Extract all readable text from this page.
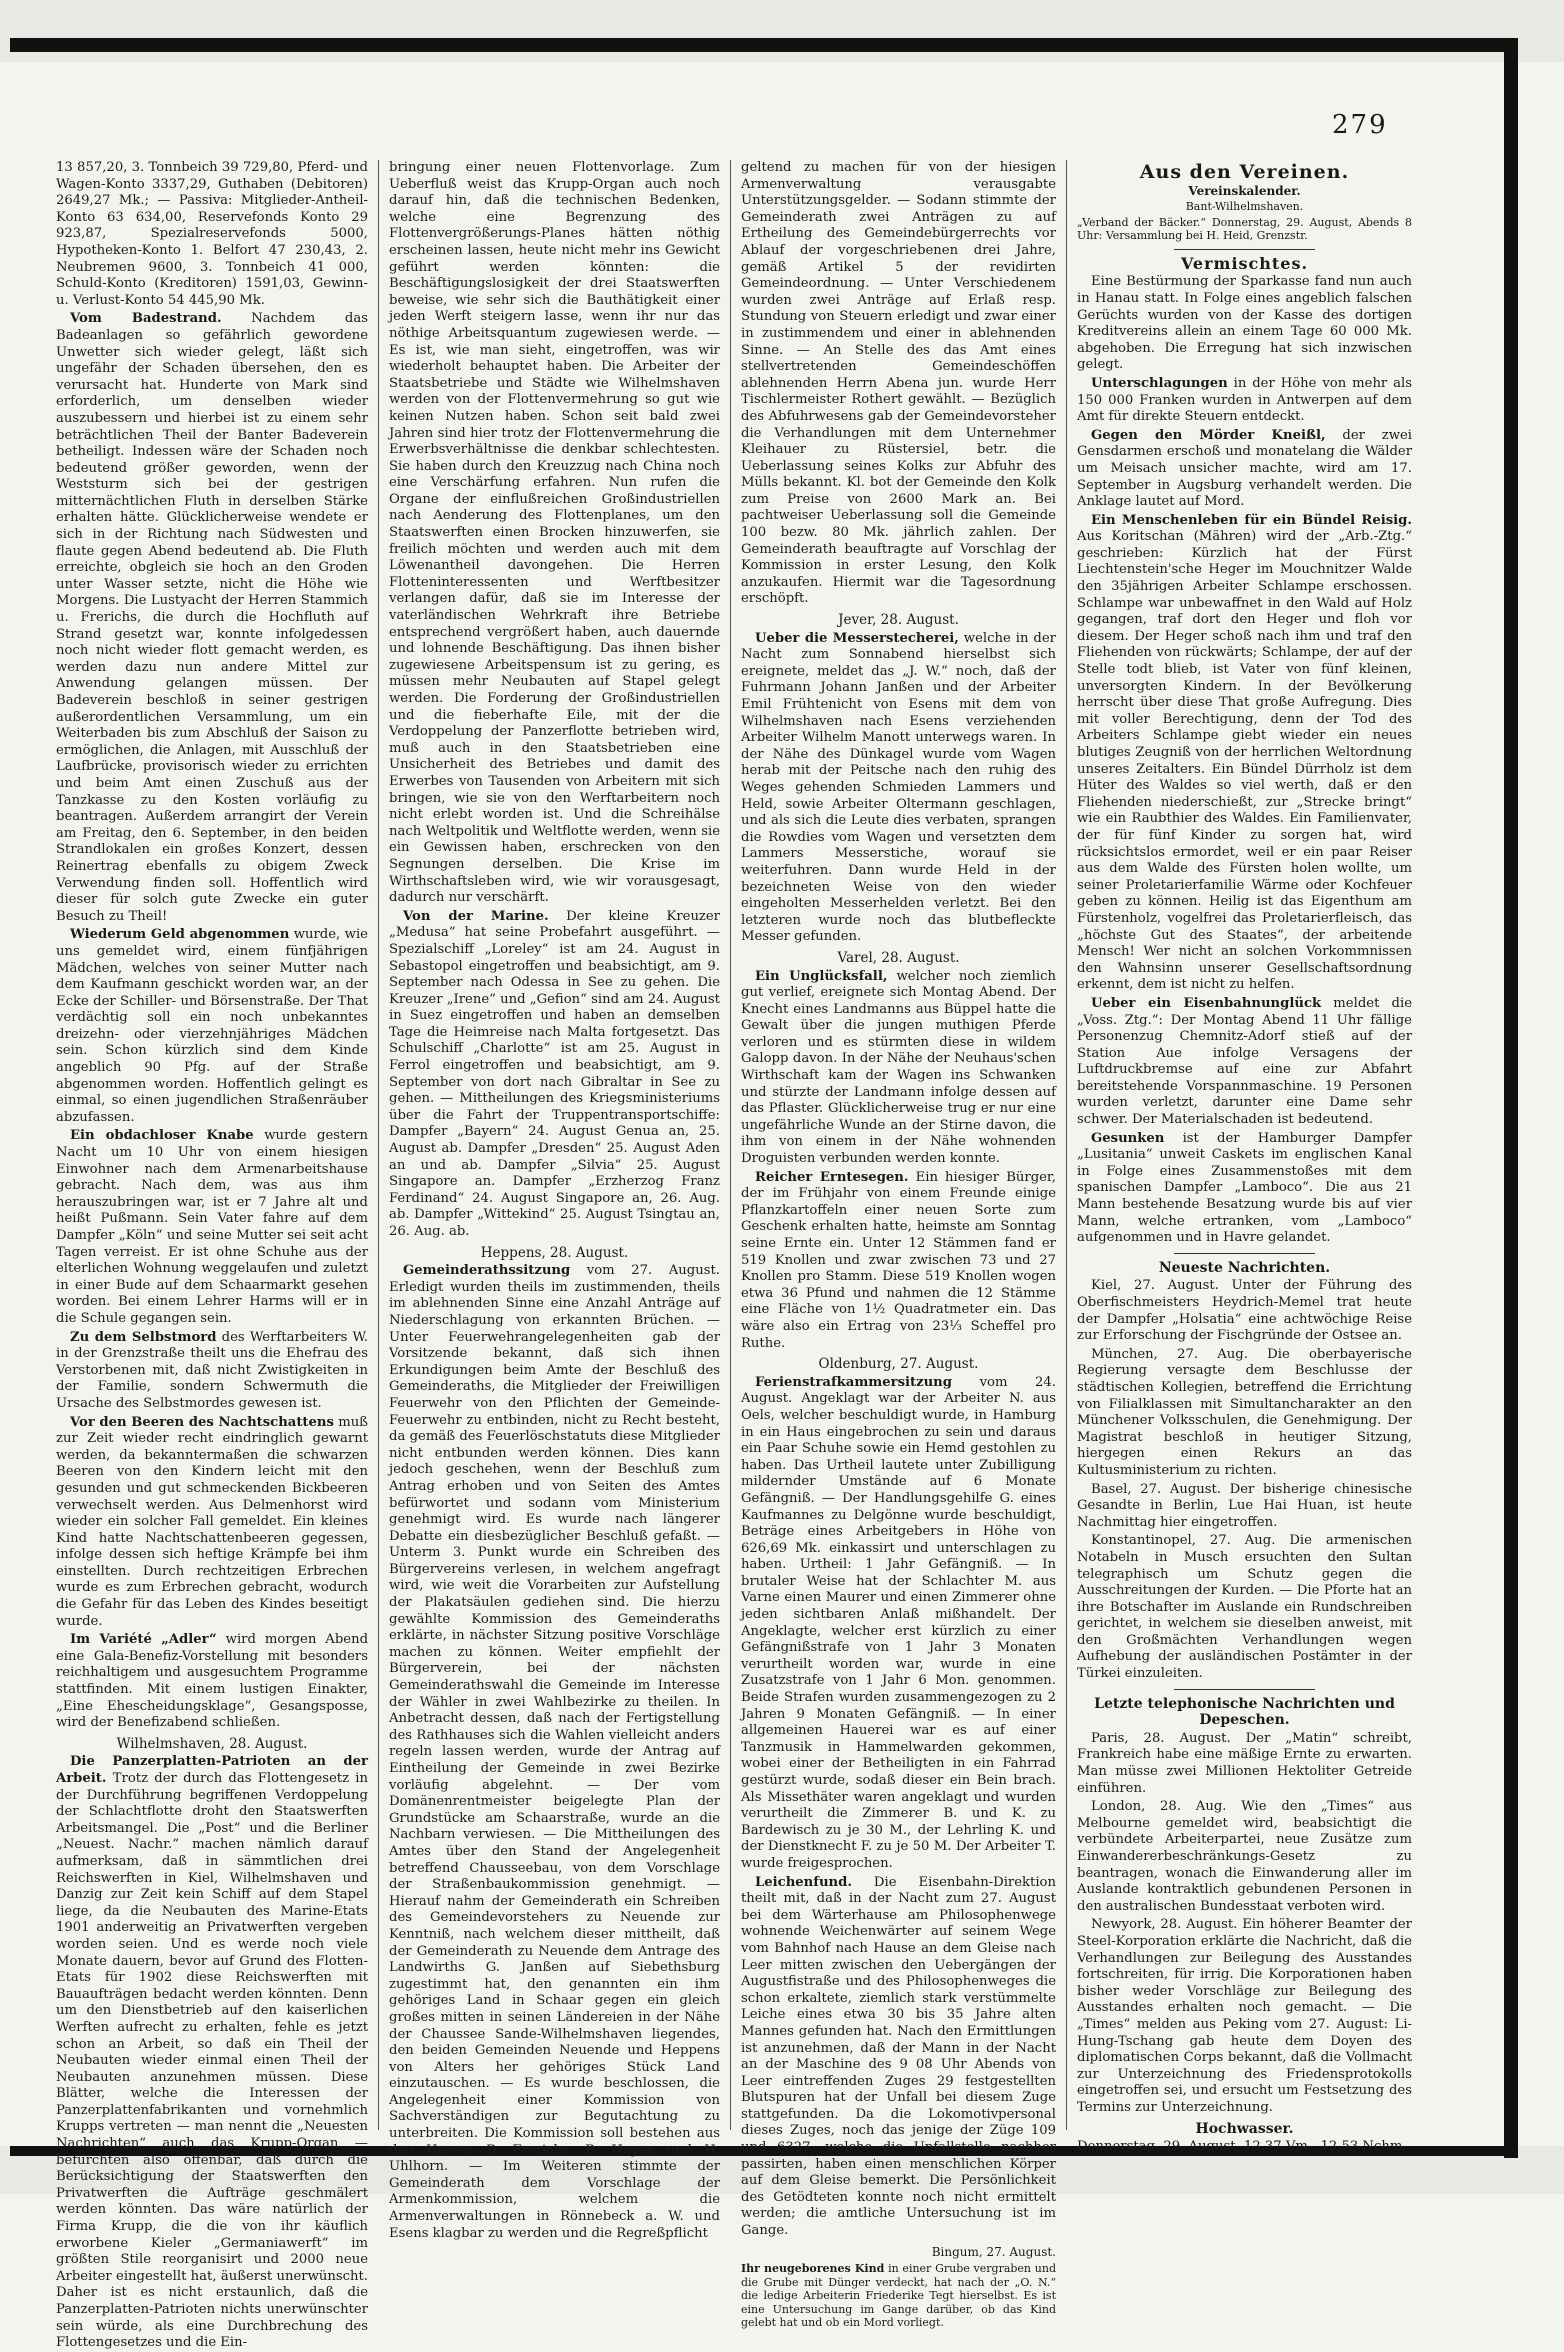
279

13 857,20, 3. Tonnbeich 39 729,80, Pferd- und Wagen-Konto 3337,29, Guthaben (Debitoren) 2649,27 Mk.; — Passiva: Mitglieder-Antheil-Konto 63 634,00, Reservefonds Konto 29 923,87, Spezialreservefonds 5000, Hypotheken-Konto 1. Belfort 47 230,43, 2. Neubremen 9600, 3. Tonnbeich 41 000, Schuld-Konto (Kreditoren) 1591,03, Gewinn- u. Verlust-Konto 54 445,90 Mk.

Vom Badestrand. Nachdem das Badeanlagen so gefährlich gewordene Unwetter sich wieder gelegt, läßt sich ungefähr der Schaden übersehen, den es verursacht hat. Hunderte von Mark sind erforderlich, um denselben wieder auszubessern und hierbei ist zu einem sehr beträchtlichen Theil der Banter Badeverein betheiligt. Indessen wäre der Schaden noch bedeutend größer geworden, wenn der Weststurm sich bei der gestrigen mitternächtlichen Fluth in derselben Stärke erhalten hätte. Glücklicherweise wendete er sich in der Richtung nach Südwesten und flaute gegen Abend bedeutend ab. Die Fluth erreichte, obgleich sie hoch an den Groden unter Wasser setzte, nicht die Höhe wie Morgens. Die Lustyacht der Herren Stammich u. Frerichs, die durch die Hochfluth auf Strand gesetzt war, konnte infolgedessen noch nicht wieder flott gemacht werden, es werden dazu nun andere Mittel zur Anwendung gelangen müssen. Der Badeverein beschloß in seiner gestrigen außerordentlichen Versammlung, um ein Weiterbaden bis zum Abschluß der Saison zu ermöglichen, die Anlagen, mit Ausschluß der Laufbrücke, provisorisch wieder zu errichten und beim Amt einen Zuschuß aus der Tanzkasse zu den Kosten vorläufig zu beantragen. Außerdem arrangirt der Verein am Freitag, den 6. September, in den beiden Strandlokalen ein großes Konzert, dessen Reinertrag ebenfalls zu obigem Zweck Verwendung finden soll. Hoffentlich wird dieser für solch gute Zwecke ein guter Besuch zu Theil!

Wiederum Geld abgenommen wurde, wie uns gemeldet wird, einem fünfjährigen Mädchen, welches von seiner Mutter nach dem Kaufmann geschickt worden war, an der Ecke der Schiller- und Börsenstraße. Der That verdächtig soll ein noch unbekanntes dreizehn- oder vierzehnjähriges Mädchen sein. Schon kürzlich sind dem Kinde angeblich 90 Pfg. auf der Straße abgenommen worden. Hoffentlich gelingt es einmal, so einen jugendlichen Straßenräuber abzufassen.

Ein obdachloser Knabe wurde gestern Nacht um 10 Uhr von einem hiesigen Einwohner nach dem Armenarbeitshause gebracht. Nach dem, was aus ihm herauszubringen war, ist er 7 Jahre alt und heißt Pußmann. Sein Vater fahre auf dem Dampfer „Köln“ und seine Mutter sei seit acht Tagen verreist. Er ist ohne Schuhe aus der elterlichen Wohnung weggelaufen und zuletzt in einer Bude auf dem Schaarmarkt gesehen worden. Bei einem Lehrer Harms will er in die Schule gegangen sein.

Zu dem Selbstmord des Werftarbeiters W. in der Grenzstraße theilt uns die Ehefrau des Verstorbenen mit, daß nicht Zwistigkeiten in der Familie, sondern Schwermuth die Ursache des Selbstmordes gewesen ist.

Vor den Beeren des Nachtschattens muß zur Zeit wieder recht eindringlich gewarnt werden, da bekanntermaßen die schwarzen Beeren von den Kindern leicht mit den gesunden und gut schmeckenden Bickbeeren verwechselt werden. Aus Delmenhorst wird wieder ein solcher Fall gemeldet. Ein kleines Kind hatte Nachtschattenbeeren gegessen, infolge dessen sich heftige Krämpfe bei ihm einstellten. Durch rechtzeitigen Erbrechen wurde es zum Erbrechen gebracht, wodurch die Gefahr für das Leben des Kindes beseitigt wurde.

Im Variété „Adler“ wird morgen Abend eine Gala-Benefiz-Vorstellung mit besonders reichhaltigem und ausgesuchtem Programme stattfinden. Mit einem lustigen Einakter, „Eine Ehescheidungsklage“, Gesangsposse, wird der Benefizabend schließen.

Wilhelmshaven, 28. August.

Die Panzerplatten-Patrioten an der Arbeit. Trotz der durch das Flottengesetz in der Durchführung begriffenen Verdoppelung der Schlachtflotte droht den Staatswerften Arbeitsmangel. Die „Post“ und die Berliner „Neuest. Nachr.“ machen nämlich darauf aufmerksam, daß in sämmtlichen drei Reichswerften in Kiel, Wilhelmshaven und Danzig zur Zeit kein Schiff auf dem Stapel liege, da die Neubauten des Marine-Etats 1901 anderweitig an Privatwerften vergeben worden seien. Und es werde noch viele Monate dauern, bevor auf Grund des Flotten-Etats für 1902 diese Reichswerften mit Bauaufträgen bedacht werden könnten. Denn um den Dienstbetrieb auf den kaiserlichen Werften aufrecht zu erhalten, fehle es jetzt schon an Arbeit, so daß ein Theil der Neubauten wieder einmal einen Theil der Neubauten anzunehmen müssen. Diese Blätter, welche die Interessen der Panzerplattenfabrikanten und vornehmlich Krupps vertreten — man nennt die „Neuesten Nachrichten“ auch das Krupp-Organ — befürchten also offenbar, daß durch die Berücksichtigung der Staatswerften den Privatwerften die Aufträge geschmälert werden könnten. Das wäre natürlich der Firma Krupp, die die von ihr käuflich erworbene Kieler „Germaniawerft“ im größten Stile reorganisirt und 2000 neue Arbeiter eingestellt hat, äußerst unerwünscht. Daher ist es nicht erstaunlich, daß die Panzerplatten-Patrioten nichts unerwünschter sein würde, als eine Durchbrechung des Flottengesetzes und die Ein-

bringung einer neuen Flottenvorlage. Zum Ueberfluß weist das Krupp-Organ auch noch darauf hin, daß die technischen Bedenken, welche eine Begrenzung des Flottenvergrößerungs-Planes hätten nöthig erscheinen lassen, heute nicht mehr ins Gewicht geführt werden könnten: die Beschäftigungslosigkeit der drei Staatswerften beweise, wie sehr sich die Bauthätigkeit einer jeden Werft steigern lasse, wenn ihr nur das nöthige Arbeitsquantum zugewiesen werde. — Es ist, wie man sieht, eingetroffen, was wir wiederholt behauptet haben. Die Arbeiter der Staatsbetriebe und Städte wie Wilhelmshaven werden von der Flottenvermehrung so gut wie keinen Nutzen haben. Schon seit bald zwei Jahren sind hier trotz der Flottenvermehrung die Erwerbsverhältnisse die denkbar schlechtesten. Sie haben durch den Kreuzzug nach China noch eine Verschärfung erfahren. Nun rufen die Organe der einflußreichen Großindustriellen nach Aenderung des Flottenplanes, um den Staatswerften einen Brocken hinzuwerfen, sie freilich möchten und werden auch mit dem Löwenantheil davongehen. Die Herren Flotteninteressenten und Werftbesitzer verlangen dafür, daß sie im Interesse der vaterländischen Wehrkraft ihre Betriebe entsprechend vergrößert haben, auch dauernde und lohnende Beschäftigung. Das ihnen bisher zugewiesene Arbeitspensum ist zu gering, es müssen mehr Neubauten auf Stapel gelegt werden. Die Forderung der Großindustriellen und die fieberhafte Eile, mit der die Verdoppelung der Panzerflotte betrieben wird, muß auch in den Staatsbetrieben eine Unsicherheit des Betriebes und damit des Erwerbes von Tausenden von Arbeitern mit sich bringen, wie sie von den Werftarbeitern noch nicht erlebt worden ist. Und die Schreihälse nach Weltpolitik und Weltflotte werden, wenn sie ein Gewissen haben, erschrecken von den Segnungen derselben. Die Krise im Wirthschaftsleben wird, wie wir vorausgesagt, dadurch nur verschärft.

Von der Marine. Der kleine Kreuzer „Medusa“ hat seine Probefahrt ausgeführt. — Spezialschiff „Loreley“ ist am 24. August in Sebastopol eingetroffen und beabsichtigt, am 9. September nach Odessa in See zu gehen. Die Kreuzer „Irene“ und „Gefion“ sind am 24. August in Suez eingetroffen und haben an demselben Tage die Heimreise nach Malta fortgesetzt. Das Schulschiff „Charlotte“ ist am 25. August in Ferrol eingetroffen und beabsichtigt, am 9. September von dort nach Gibraltar in See zu gehen. — Mittheilungen des Kriegsministeriums über die Fahrt der Truppentransportschiffe: Dampfer „Bayern“ 24. August Genua an, 25. August ab. Dampfer „Dresden“ 25. August Aden an und ab. Dampfer „Silvia“ 25. August Singapore an. Dampfer „Erzherzog Franz Ferdinand“ 24. August Singapore an, 26. Aug. ab. Dampfer „Wittekind“ 25. August Tsingtau an, 26. Aug. ab.

Heppens, 28. August.

Gemeinderathssitzung vom 27. August. Erledigt wurden theils im zustimmenden, theils im ablehnenden Sinne eine Anzahl Anträge auf Niederschlagung von erkannten Brüchen. — Unter Feuerwehrangelegenheiten gab der Vorsitzende bekannt, daß sich ihnen Erkundigungen beim Amte der Beschluß des Gemeinderaths, die Mitglieder der Freiwilligen Feuerwehr von den Pflichten der Gemeinde-Feuerwehr zu entbinden, nicht zu Recht besteht, da gemäß des Feuerlöschstatuts diese Mitglieder nicht entbunden werden können. Dies kann jedoch geschehen, wenn der Beschluß zum Antrag erhoben und von Seiten des Amtes befürwortet und sodann vom Ministerium genehmigt wird. Es wurde nach längerer Debatte ein diesbezüglicher Beschluß gefaßt. — Unterm 3. Punkt wurde ein Schreiben des Bürgervereins verlesen, in welchem angefragt wird, wie weit die Vorarbeiten zur Aufstellung der Plakatsäulen gediehen sind. Die hierzu gewählte Kommission des Gemeinderaths erklärte, in nächster Sitzung positive Vorschläge machen zu können. Weiter empfiehlt der Bürgerverein, bei der nächsten Gemeinderathswahl die Gemeinde im Interesse der Wähler in zwei Wahlbezirke zu theilen. In Anbetracht dessen, daß nach der Fertigstellung des Rathhauses sich die Wahlen vielleicht anders regeln lassen werden, wurde der Antrag auf Eintheilung der Gemeinde in zwei Bezirke vorläufig abgelehnt. — Der vom Domänenrentmeister beigelegte Plan der Grundstücke am Schaarstraße, wurde an die Nachbarn verwiesen. — Die Mittheilungen des Amtes über den Stand der Angelegenheit betreffend Chausseebau, von dem Vorschlage der Straßenbaukommission genehmigt. — Hierauf nahm der Gemeinderath ein Schreiben des Gemeindevorstehers zu Neuende zur Kenntniß, nach welchem dieser mittheilt, daß der Gemeinderath zu Neuende dem Antrage des Landwirths G. Janßen auf Siebethsburg zugestimmt hat, den genannten ein ihm gehöriges Land in Schaar gegen ein gleich großes mitten in seinen Ländereien in der Nähe der Chaussee Sande-Wilhelmshaven liegendes, den beiden Gemeinden Neuende und Heppens von Alters her gehöriges Stück Land einzutauschen. — Es wurde beschlossen, die Angelegenheit einer Kommission von Sachverständigen zur Begutachtung zu unterbreiten. Die Kommission soll bestehen aus den Herren B. Frerichs, B. Hayen und H. Uhlhorn. — Im Weiteren stimmte der Gemeinderath dem Vorschlage der Armenkommission, welchem die Armenverwaltungen in Rönnebeck a. W. und Esens klagbar zu werden und die Regreßpflicht

geltend zu machen für von der hiesigen Armenverwaltung verausgabte Unterstützungsgelder. — Sodann stimmte der Gemeinderath zwei Anträgen zu auf Ertheilung des Gemeindebürgerrechts vor Ablauf der vorgeschriebenen drei Jahre, gemäß Artikel 5 der revidirten Gemeindeordnung. — Unter Verschiedenem wurden zwei Anträge auf Erlaß resp. Stundung von Steuern erledigt und zwar einer in zustimmendem und einer in ablehnenden Sinne. — An Stelle des das Amt eines stellvertretenden Gemeindeschöffen ablehnenden Herrn Abena jun. wurde Herr Tischlermeister Rothert gewählt. — Bezüglich des Abfuhrwesens gab der Gemeindevorsteher die Verhandlungen mit dem Unternehmer Kleihauer zu Rüstersiel, betr. die Ueberlassung seines Kolks zur Abfuhr des Mülls bekannt. Kl. bot der Gemeinde den Kolk zum Preise von 2600 Mark an. Bei pachtweiser Ueberlassung soll die Gemeinde 100 bezw. 80 Mk. jährlich zahlen. Der Gemeinderath beauftragte auf Vorschlag der Kommission in erster Lesung, den Kolk anzukaufen. Hiermit war die Tagesordnung erschöpft.

Jever, 28. August.

Ueber die Messerstecherei, welche in der Nacht zum Sonnabend hierselbst sich ereignete, meldet das „J. W.“ noch, daß der Fuhrmann Johann Janßen und der Arbeiter Emil Frühtenicht von Esens mit dem von Wilhelmshaven nach Esens verziehenden Arbeiter Wilhelm Manott unterwegs waren. In der Nähe des Dünkagel wurde vom Wagen herab mit der Peitsche nach den ruhig des Weges gehenden Schmieden Lammers und Held, sowie Arbeiter Oltermann geschlagen, und als sich die Leute dies verbaten, sprangen die Rowdies vom Wagen und versetzten dem Lammers Messerstiche, worauf sie weiterfuhren. Dann wurde Held in der bezeichneten Weise von den wieder eingeholten Messerhelden verletzt. Bei den letzteren wurde noch das blutbefleckte Messer gefunden.

Varel, 28. August.

Ein Unglücksfall, welcher noch ziemlich gut verlief, ereignete sich Montag Abend. Der Knecht eines Landmanns aus Büppel hatte die Gewalt über die jungen muthigen Pferde verloren und es stürmten diese in wildem Galopp davon. In der Nähe der Neuhaus'schen Wirthschaft kam der Wagen ins Schwanken und stürzte der Landmann infolge dessen auf das Pflaster. Glücklicherweise trug er nur eine ungefährliche Wunde an der Stirne davon, die ihm von einem in der Nähe wohnenden Droguisten verbunden werden konnte.

Reicher Erntesegen. Ein hiesiger Bürger, der im Frühjahr von einem Freunde einige Pflanzkartoffeln einer neuen Sorte zum Geschenk erhalten hatte, heimste am Sonntag seine Ernte ein. Unter 12 Stämmen fand er 519 Knollen und zwar zwischen 73 und 27 Knollen pro Stamm. Diese 519 Knollen wogen etwa 36 Pfund und nahmen die 12 Stämme eine Fläche von 1½ Quadratmeter ein. Das wäre also ein Ertrag von 23⅓ Scheffel pro Ruthe.

Oldenburg, 27. August.

Ferienstrafkammersitzung vom 24. August. Angeklagt war der Arbeiter N. aus Oels, welcher beschuldigt wurde, in Hamburg in ein Haus eingebrochen zu sein und daraus ein Paar Schuhe sowie ein Hemd gestohlen zu haben. Das Urtheil lautete unter Zubilligung mildernder Umstände auf 6 Monate Gefängniß. — Der Handlungsgehilfe G. eines Kaufmannes zu Delgönne wurde beschuldigt, Beträge eines Arbeitgebers in Höhe von 626,69 Mk. einkassirt und unterschlagen zu haben. Urtheil: 1 Jahr Gefängniß. — In brutaler Weise hat der Schlachter M. aus Varne einen Maurer und einen Zimmerer ohne jeden sichtbaren Anlaß mißhandelt. Der Angeklagte, welcher erst kürzlich zu einer Gefängnißstrafe von 1 Jahr 3 Monaten verurtheilt worden war, wurde in eine Zusatzstrafe von 1 Jahr 6 Mon. genommen. Beide Strafen wurden zusammengezogen zu 2 Jahren 9 Monaten Gefängniß. — In einer allgemeinen Hauerei war es auf einer Tanzmusik in Hammelwarden gekommen, wobei einer der Betheiligten in ein Fahrrad gestürzt wurde, sodaß dieser ein Bein brach. Als Missethäter waren angeklagt und wurden verurtheilt die Zimmerer B. und K. zu Bardewisch zu je 30 M., der Lehrling K. und der Dienstknecht F. zu je 50 M. Der Arbeiter T. wurde freigesprochen.

Leichenfund. Die Eisenbahn-Direktion theilt mit, daß in der Nacht zum 27. August bei dem Wärterhause am Philosophenwege wohnende Weichenwärter auf seinem Wege vom Bahnhof nach Hause an dem Gleise nach Leer mitten zwischen den Uebergängen der Augustfistraße und des Philosophenweges die schon erkaltete, ziemlich stark verstümmelte Leiche eines etwa 30 bis 35 Jahre alten Mannes gefunden hat. Nach den Ermittlungen ist anzunehmen, daß der Mann in der Nacht an der Maschine des 9 08 Uhr Abends von Leer eintreffenden Zuges 29 festgestellten Blutspuren hat der Unfall bei diesem Zuge stattgefunden. Da die Lokomotivpersonal dieses Zuges, noch das jenige der Züge 109 und 6327, welche die Unfallstelle nachher passirten, haben einen menschlichen Körper auf dem Gleise bemerkt. Die Persönlichkeit des Getödteten konnte noch nicht ermittelt werden; die amtliche Untersuchung ist im Gange.

Bingum, 27. August.

Ihr neugeborenes Kind in einer Grube vergraben und die Grube mit Dünger verdeckt, hat nach der „O. N.“ die ledige Arbeiterin Friederike Tegt hierselbst. Es ist eine Untersuchung im Gange darüber, ob das Kind gelebt hat und ob ein Mord vorliegt.

Aus den Vereinen.
Vereinskalender.
Bant-Wilhelmshaven.

„Verband der Bäcker.“ Donnerstag, 29. August, Abends 8 Uhr: Versammlung bei H. Heid, Grenzstr.

Vermischtes.

Eine Bestürmung der Sparkasse fand nun auch in Hanau statt. In Folge eines angeblich falschen Gerüchts wurden von der Kasse des dortigen Kreditvereins allein an einem Tage 60 000 Mk. abgehoben. Die Erregung hat sich inzwischen gelegt.

Unterschlagungen in der Höhe von mehr als 150 000 Franken wurden in Antwerpen auf dem Amt für direkte Steuern entdeckt.

Gegen den Mörder Kneißl, der zwei Gensdarmen erschoß und monatelang die Wälder um Meisach unsicher machte, wird am 17. September in Augsburg verhandelt werden. Die Anklage lautet auf Mord.

Ein Menschenleben für ein Bündel Reisig. Aus Koritschan (Mähren) wird der „Arb.-Ztg.“ geschrieben: Kürzlich hat der Fürst Liechtenstein'sche Heger im Mouchnitzer Walde den 35jährigen Arbeiter Schlampe erschossen. Schlampe war unbewaffnet in den Wald auf Holz gegangen, traf dort den Heger und floh vor diesem. Der Heger schoß nach ihm und traf den Fliehenden von rückwärts; Schlampe, der auf der Stelle todt blieb, ist Vater von fünf kleinen, unversorgten Kindern. In der Bevölkerung herrscht über diese That große Aufregung. Dies mit voller Berechtigung, denn der Tod des Arbeiters Schlampe giebt wieder ein neues blutiges Zeugniß von der herrlichen Weltordnung unseres Zeitalters. Ein Bündel Dürrholz ist dem Hüter des Waldes so viel werth, daß er den Fliehenden niederschießt, zur „Strecke bringt“ wie ein Raubthier des Waldes. Ein Familienvater, der für fünf Kinder zu sorgen hat, wird rücksichtslos ermordet, weil er ein paar Reiser aus dem Walde des Fürsten holen wollte, um seiner Proletarierfamilie Wärme oder Kochfeuer geben zu können. Heilig ist das Eigenthum am Fürstenholz, vogelfrei das Proletarierfleisch, das „höchste Gut des Staates“, der arbeitende Mensch! Wer nicht an solchen Vorkommnissen den Wahnsinn unserer Gesellschaftsordnung erkennt, dem ist nicht zu helfen.

Ueber ein Eisenbahnunglück meldet die „Voss. Ztg.“: Der Montag Abend 11 Uhr fällige Personenzug Chemnitz-Adorf stieß auf der Station Aue infolge Versagens der Luftdruckbremse auf eine zur Abfahrt bereitstehende Vorspannmaschine. 19 Personen wurden verletzt, darunter eine Dame sehr schwer. Der Materialschaden ist bedeutend.

Gesunken ist der Hamburger Dampfer „Lusitania“ unweit Caskets im englischen Kanal in Folge eines Zusammenstoßes mit dem spanischen Dampfer „Lamboco“. Die aus 21 Mann bestehende Besatzung wurde bis auf vier Mann, welche ertranken, vom „Lamboco“ aufgenommen und in Havre gelandet.

Neueste Nachrichten.

Kiel, 27. August. Unter der Führung des Oberfischmeisters Heydrich-Memel trat heute der Dampfer „Holsatia“ eine achtwöchige Reise zur Erforschung der Fischgründe der Ostsee an.

München, 27. Aug. Die oberbayerische Regierung versagte dem Beschlusse der städtischen Kollegien, betreffend die Errichtung von Filialklassen mit Simultancharakter an den Münchener Volksschulen, die Genehmigung. Der Magistrat beschloß in heutiger Sitzung, hiergegen einen Rekurs an das Kultusministerium zu richten.

Basel, 27. August. Der bisherige chinesische Gesandte in Berlin, Lue Hai Huan, ist heute Nachmittag hier eingetroffen.

Konstantinopel, 27. Aug. Die armenischen Notabeln in Musch ersuchten den Sultan telegraphisch um Schutz gegen die Ausschreitungen der Kurden. — Die Pforte hat an ihre Botschafter im Auslande ein Rundschreiben gerichtet, in welchem sie dieselben anweist, mit den Großmächten Verhandlungen wegen Aufhebung der ausländischen Postämter in der Türkei einzuleiten.

Letzte telephonische Nachrichten und Depeschen.

Paris, 28. August. Der „Matin“ schreibt, Frankreich habe eine mäßige Ernte zu erwarten. Man müsse zwei Millionen Hektoliter Getreide einführen.

London, 28. Aug. Wie den „Times“ aus Melbourne gemeldet wird, beabsichtigt die verbündete Arbeiterpartei, neue Zusätze zum Einwandererbeschränkungs-Gesetz zu beantragen, wonach die Einwanderung aller im Auslande kontraktlich gebundenen Personen in den australischen Bundesstaat verboten wird.

Newyork, 28. August. Ein höherer Beamter der Steel-Korporation erklärte die Nachricht, daß die Verhandlungen zur Beilegung des Ausstandes fortschreiten, für irrig. Die Korporationen haben bisher weder Vorschläge zur Beilegung des Ausstandes erhalten noch gemacht. — Die „Times“ melden aus Peking vom 27. August: Li-Hung-Tschang gab heute dem Doyen des diplomatischen Corps bekannt, daß die Vollmacht zur Unterzeichnung des Friedensprotokolls eingetroffen sei, und ersucht um Festsetzung des Termins zur Unterzeichnung.

Hochwasser.

Donnerstag, 29. August, 12.37 Vm., 12.53 Nchm.
